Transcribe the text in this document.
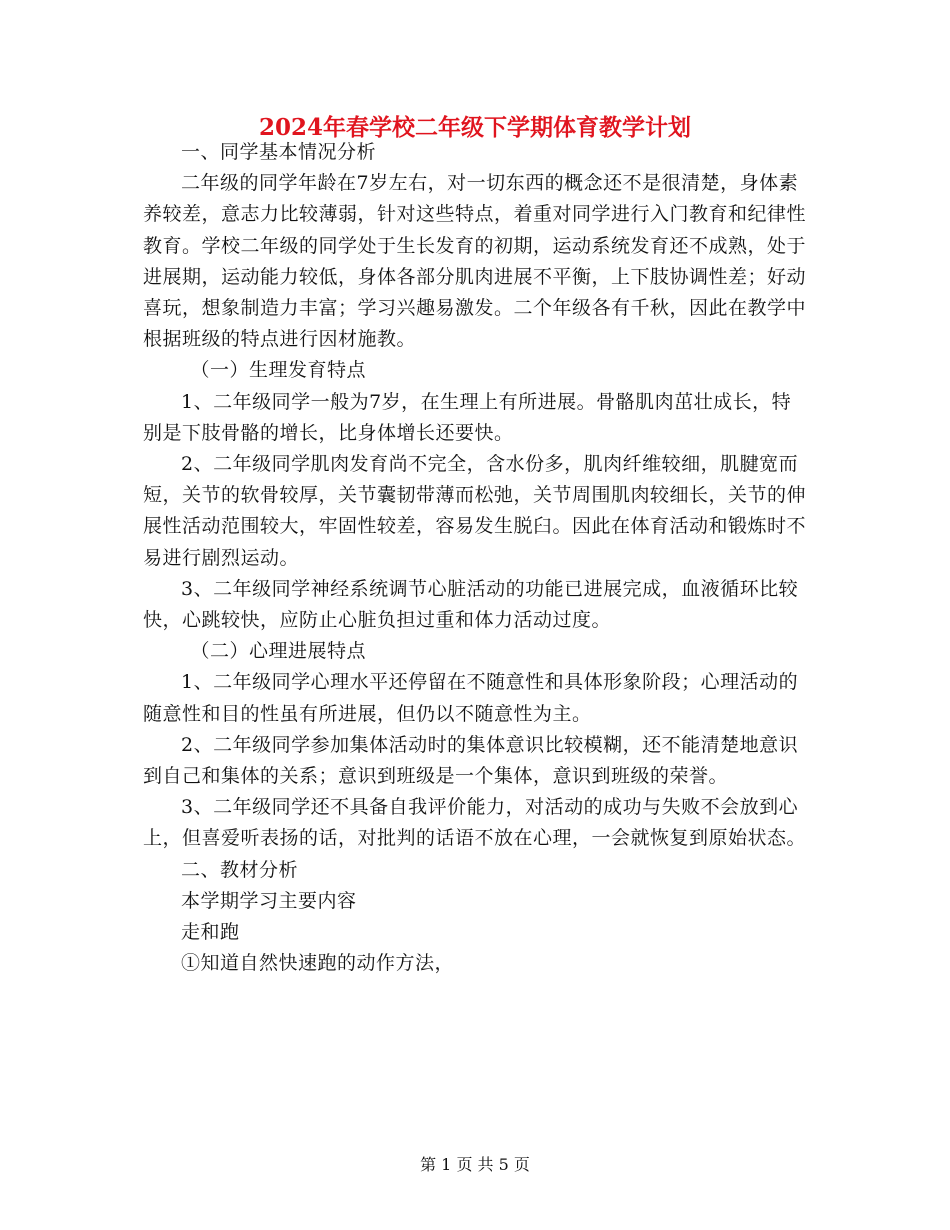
2024年春学校二年级下学期体育教学计划

一、同学基本情况分析

二年级的同学年龄在7岁左右，对一切东西的概念还不是很清楚，身体素养较差，意志力比较薄弱，针对这些特点，着重对同学进行入门教育和纪律性教育。学校二年级的同学处于生长发育的初期，运动系统发育还不成熟，处于进展期，运动能力较低，身体各部分肌肉进展不平衡，上下肢协调性差；好动喜玩，想象制造力丰富；学习兴趣易激发。二个年级各有千秋，因此在教学中根据班级的特点进行因材施教。

（一）生理发育特点

1、二年级同学一般为7岁，在生理上有所进展。骨骼肌肉茁壮成长，特别是下肢骨骼的增长，比身体增长还要快。

2、二年级同学肌肉发育尚不完全，含水份多，肌肉纤维较细，肌腱宽而短，关节的软骨较厚，关节囊韧带薄而松弛，关节周围肌肉较细长，关节的伸展性活动范围较大，牢固性较差，容易发生脱臼。因此在体育活动和锻炼时不易进行剧烈运动。

3、二年级同学神经系统调节心脏活动的功能已进展完成，血液循环比较快，心跳较快，应防止心脏负担过重和体力活动过度。

（二）心理进展特点

1、二年级同学心理水平还停留在不随意性和具体形象阶段；心理活动的随意性和目的性虽有所进展，但仍以不随意性为主。

2、二年级同学参加集体活动时的集体意识比较模糊，还不能清楚地意识到自己和集体的关系；意识到班级是一个集体，意识到班级的荣誉。

3、二年级同学还不具备自我评价能力，对活动的成功与失败不会放到心上，但喜爱听表扬的话，对批判的话语不放在心理，一会就恢复到原始状态。

二、教材分析

本学期学习主要内容

走和跑

①知道自然快速跑的动作方法，

第 1 页 共 5 页
